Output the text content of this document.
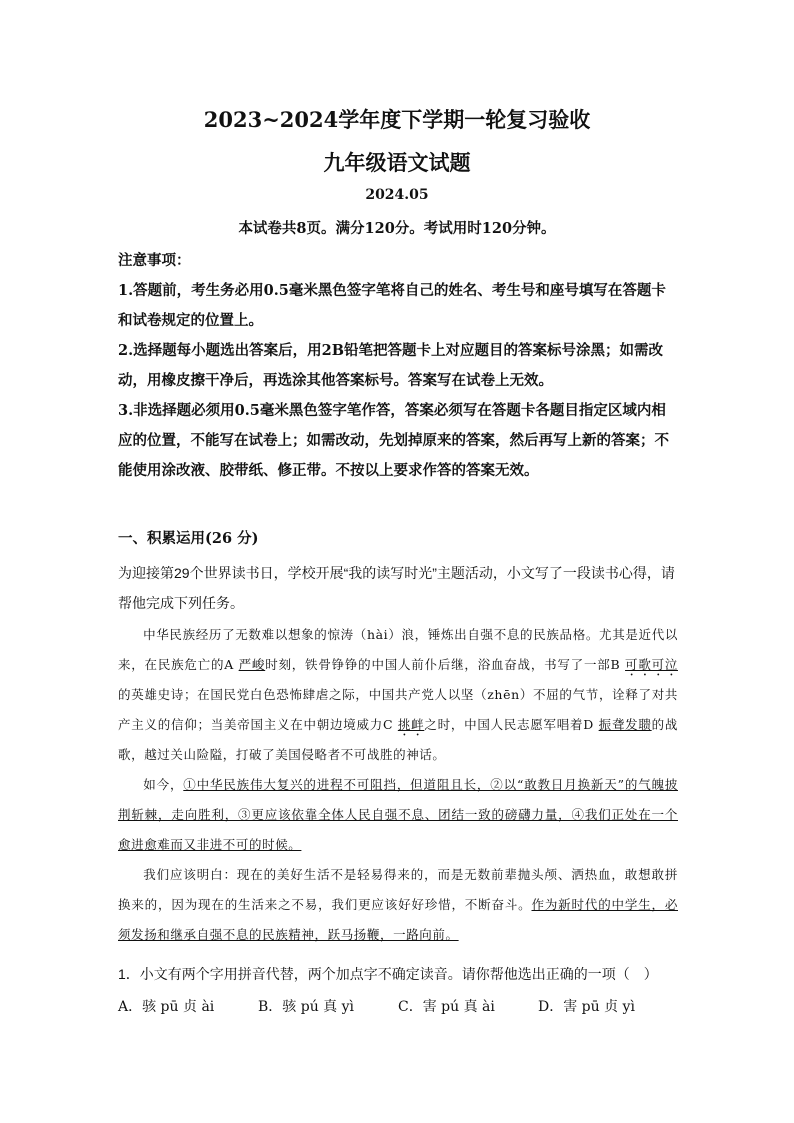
2023~2024学年度下学期一轮复习验收
九年级语文试题
2024.05
本试卷共8页。满分120分。考试用时120分钟。

注意事项：

1.答题前，考生务必用0.5毫米黑色签字笔将自己的姓名、考生号和座号填写在答题卡和试卷规定的位置上。

2.选择题每小题选出答案后，用2B铅笔把答题卡上对应题目的答案标号涂黑；如需改动，用橡皮擦干净后，再选涂其他答案标号。答案写在试卷上无效。

3.非选择题必须用0.5毫米黑色签字笔作答，答案必须写在答题卡各题目指定区域内相应的位置，不能写在试卷上；如需改动，先划掉原来的答案，然后再写上新的答案；不能使用涂改液、胶带纸、修正带。不按以上要求作答的答案无效。

一、积累运用(26 分)
为迎接第29个世界读书日，学校开展“我的读写时光”主题活动，小文写了一段读书心得，请帮他完成下列任务。

中华民族经历了无数难以想象的惊涛（hài）浪，锤炼出自强不息的民族品格。尤其是近代以来，在民族危亡的A 严峻时刻，铁骨铮铮的中国人前仆后继，浴血奋战，书写了一部B 可歌可泣的英雄史诗；在国民党白色恐怖肆虐之际，中国共产党人以坚（zhēn）不屈的气节，诠释了对共产主义的信仰；当美帝国主义在中朝边境威力C 挑衅之时，中国人民志愿军唱着D 振聋发聩的战歌，越过关山险隘，打破了美国侵略者不可战胜的神话。

如今，①中华民族伟大复兴的进程不可阻挡，但道阻且长，②以“敢教日月换新天”的气魄披荆斩棘，走向胜利，③更应该依靠全体人民自强不息、团结一致的磅礴力量，④我们正处在一个愈进愈难而又非进不可的时候。

我们应该明白：现在的美好生活不是轻易得来的，而是无数前辈抛头颅、洒热血，敢想敢拼换来的，因为现在的生活来之不易，我们更应该好好珍惜，不断奋斗。作为新时代的中学生，必须发扬和继承自强不息的民族精神，跃马扬鞭，一路向前。

1．小文有两个字用拼音代替，两个加点字不确定读音。请你帮他选出正确的一项（　）
A．骇 pū 贞 ài	B．骇 pú 真 yì	C．害 pú 真 ài	D．害 pū 贞 yì
